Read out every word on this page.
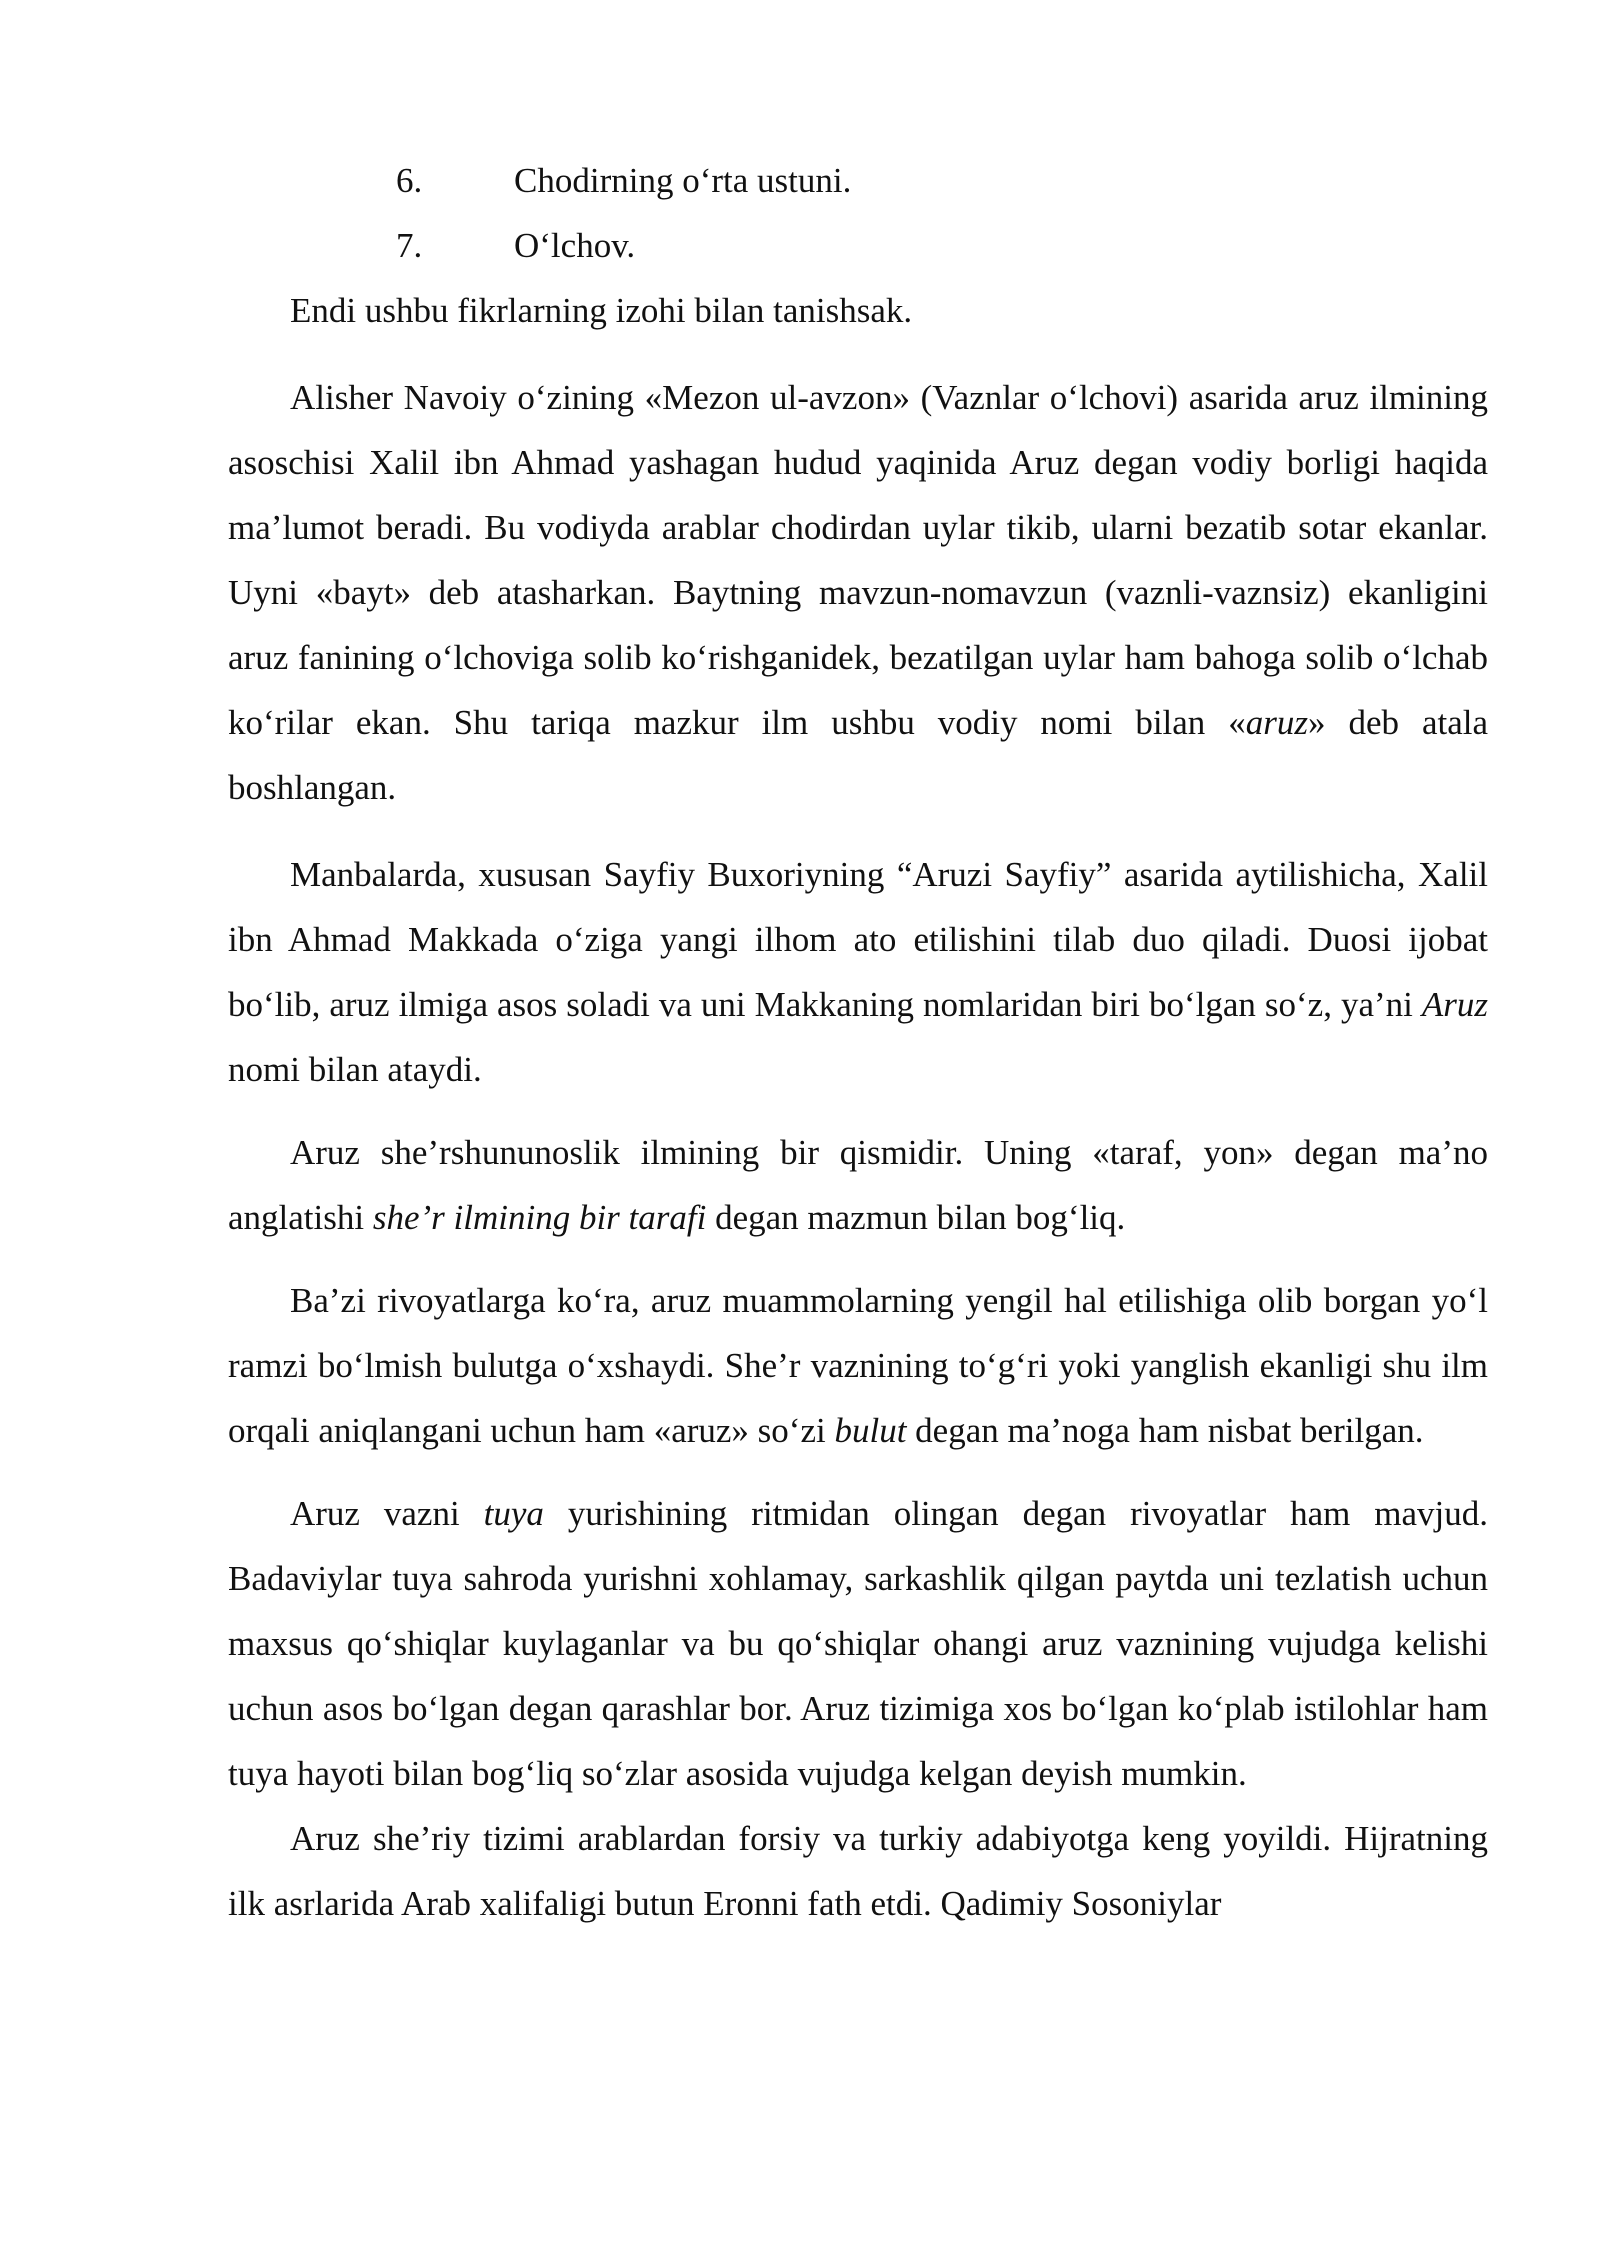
6.	Chodirning o‘rta ustuni.
7.	O‘lchov.

Endi ushbu fikrlarning izohi bilan tanishsak.

Alisher Navoiy o‘zining «Mezon ul-avzon» (Vaznlar o‘lchovi) asarida aruz ilmining asoschisi Xalil ibn Ahmad yashagan hudud yaqinida Aruz degan vodiy borligi haqida ma’lumot beradi. Bu vodiyda arablar chodirdan uylar tikib, ularni bezatib sotar ekanlar. Uyni «bayt» deb atasharkan. Baytning mavzun-nomavzun (vaznli-vaznsiz) ekanligini aruz fanining o‘lchoviga solib ko‘rishganidek, bezatilgan uylar ham bahoga solib o‘lchab ko‘rilar ekan. Shu tariqa mazkur ilm ushbu vodiy nomi bilan «aruz» deb atala boshlangan.

Manbalarda, xususan Sayfiy Buxoriyning “Aruzi Sayfiy” asarida aytilishicha, Xalil ibn Ahmad Makkada o‘ziga yangi ilhom ato etilishini tilab duo qiladi. Duosi ijobat bo‘lib, aruz ilmiga asos soladi va uni Makkaning nomlaridan biri bo‘lgan so‘z, ya’ni Aruz nomi bilan ataydi.

Aruz she’rshununoslik ilmining bir qismidir. Uning «taraf, yon» degan ma’no anglatishi she’r ilmining bir tarafi degan mazmun bilan bog‘liq.

Ba’zi rivoyatlarga ko‘ra, aruz muammolarning yengil hal etilishiga olib borgan yo‘l ramzi bo‘lmish bulutga o‘xshaydi. She’r vaznining to‘g‘ri yoki yanglish ekanligi shu ilm orqali aniqlangani uchun ham «aruz» so‘zi bulut degan ma’noga ham nisbat berilgan.

Aruz vazni tuya yurishining ritmidan olingan degan rivoyatlar ham mavjud. Badaviylar tuya sahroda yurishni xohlamay, sarkashlik qilgan paytda uni tezlatish uchun maxsus qo‘shiqlar kuylaganlar va bu qo‘shiqlar ohangi aruz vaznining vujudga kelishi uchun asos bo‘lgan degan qarashlar bor. Aruz tizimiga xos bo‘lgan ko‘plab istilohlar ham tuya hayoti bilan bog‘liq so‘zlar asosida vujudga kelgan deyish mumkin.

Aruz she’riy tizimi arablardan forsiy va turkiy adabiyotga keng yoyildi. Hijratning ilk asrlarida Arab xalifaligi butun Eronni fath etdi. Qadimiy Sosoniylar
